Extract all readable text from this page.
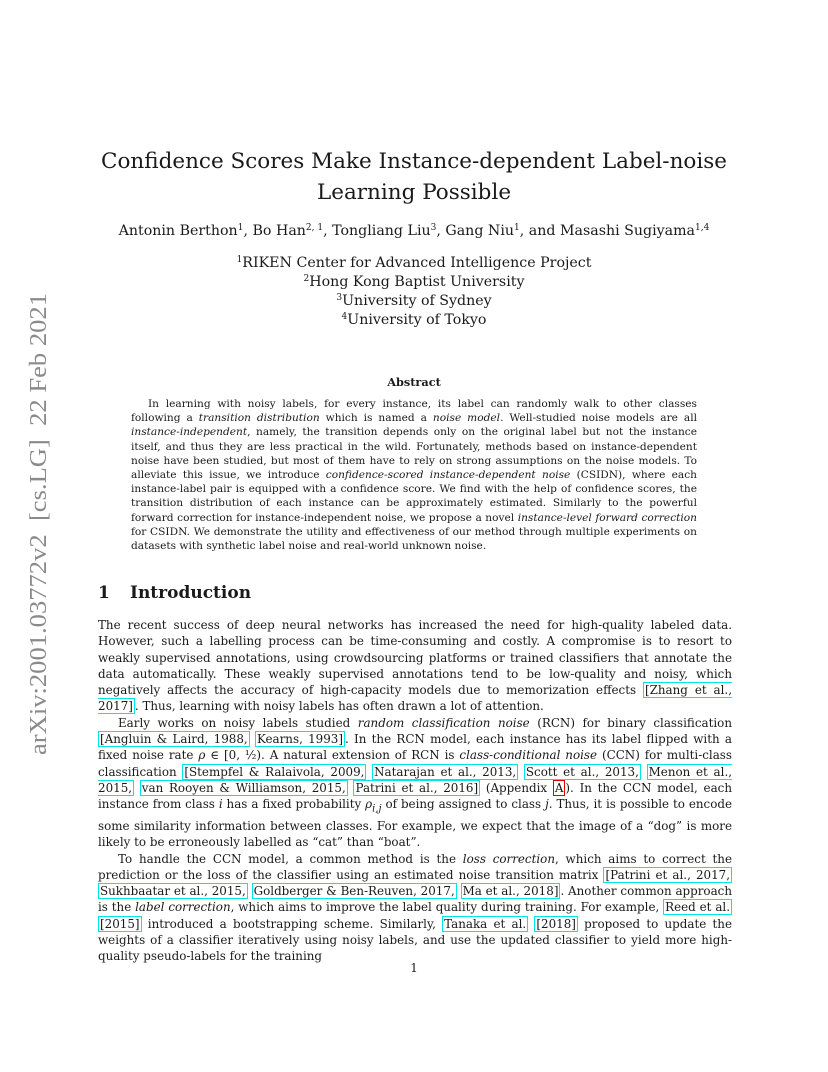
arXiv:2001.03772v2  [cs.LG]  22 Feb 2021
Confidence Scores Make Instance-dependent Label-noise Learning Possible
Antonin Berthon$^1$, Bo Han$^{2, 1}$, Tongliang Liu$^3$, Gang Niu$^1$, and Masashi Sugiyama$^{1,4}$
$^1$RIKEN Center for Advanced Intelligence Project
$^2$Hong Kong Baptist University
$^3$University of Sydney
$^4$University of Tokyo
Abstract

In learning with noisy labels, for every instance, its label can randomly walk to other classes following a transition distribution which is named a noise model. Well-studied noise models are all instance-independent, namely, the transition depends only on the original label but not the instance itself, and thus they are less practical in the wild. Fortunately, methods based on instance-dependent noise have been studied, but most of them have to rely on strong assumptions on the noise models. To alleviate this issue, we introduce confidence-scored instance-dependent noise (CSIDN), where each instance-label pair is equipped with a confidence score. We find with the help of confidence scores, the transition distribution of each instance can be approximately estimated. Similarly to the powerful forward correction for instance-independent noise, we propose a novel instance-level forward correction for CSIDN. We demonstrate the utility and effectiveness of our method through multiple experiments on datasets with synthetic label noise and real-world unknown noise.

1 Introduction

The recent success of deep neural networks has increased the need for high-quality labeled data. However, such a labelling process can be time-consuming and costly. A compromise is to resort to weakly supervised annotations, using crowdsourcing platforms or trained classifiers that annotate the data automatically. These weakly supervised annotations tend to be low-quality and noisy, which negatively affects the accuracy of high-capacity models due to memorization effects [Zhang et al., 2017] . Thus, learning with noisy labels has often drawn a lot of attention.

Early works on noisy labels studied random classification noise (RCN) for binary classification [Angluin & Laird, 1988, Kearns, 1993] . In the RCN model, each instance has its label flipped with a fixed noise rate ρ ∈ [0, ½). A natural extension of RCN is class-conditional noise (CCN) for multi-class classification [Stempfel & Ralaivola, 2009, Natarajan et al., 2013, Scott et al., 2013, Menon et al., 2015, van Rooyen & Williamson, 2015, Patrini et al., 2016] (Appendix A ). In the CCN model, each instance from class i has a fixed probability $\rho_{i,j}$ of being assigned to class j. Thus, it is possible to encode some similarity information between classes. For example, we expect that the image of a “dog” is more likely to be erroneously labelled as “cat” than “boat”.

To handle the CCN model, a common method is the loss correction, which aims to correct the prediction or the loss of the classifier using an estimated noise transition matrix [Patrini et al., 2017, Sukhbaatar et al., 2015, Goldberger & Ben-Reuven, 2017, Ma et al., 2018] . Another common approach is the label correction, which aims to improve the label quality during training. For example, Reed et al. [2015] introduced a bootstrapping scheme. Similarly, Tanaka et al. [2018] proposed to update the weights of a classifier iteratively using noisy labels, and use the updated classifier to yield more high-quality pseudo-labels for the training

1
